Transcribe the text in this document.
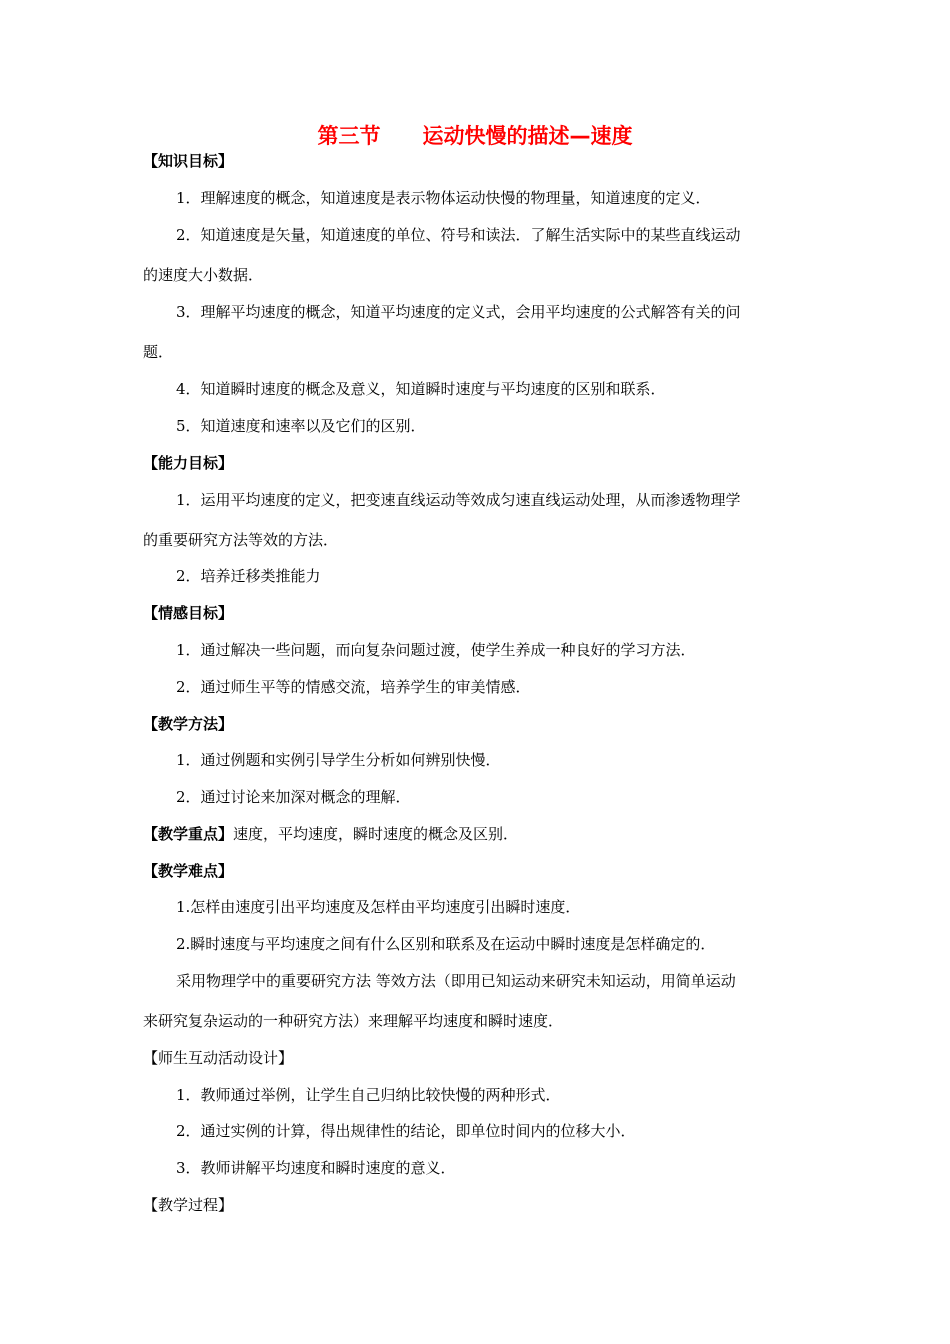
第三节　　运动快慢的描述—速度
【知识目标】
1．理解速度的概念，知道速度是表示物体运动快慢的物理量，知道速度的定义．
2．知道速度是矢量，知道速度的单位、符号和读法．了解生活实际中的某些直线运动
的速度大小数据．
3．理解平均速度的概念，知道平均速度的定义式，会用平均速度的公式解答有关的问
题．
4．知道瞬时速度的概念及意义，知道瞬时速度与平均速度的区别和联系．
5．知道速度和速率以及它们的区别．
【能力目标】
1．运用平均速度的定义，把变速直线运动等效成匀速直线运动处理，从而渗透物理学
的重要研究方法等效的方法．
2．培养迁移类推能力
【情感目标】
1．通过解决一些问题，而向复杂问题过渡，使学生养成一种良好的学习方法．
2．通过师生平等的情感交流，培养学生的审美情感．
【教学方法】
1．通过例题和实例引导学生分析如何辨别快慢．
2．通过讨论来加深对概念的理解．
【教学重点】速度，平均速度，瞬时速度的概念及区别．
【教学难点】
1.怎样由速度引出平均速度及怎样由平均速度引出瞬时速度．
2.瞬时速度与平均速度之间有什么区别和联系及在运动中瞬时速度是怎样确定的．
采用物理学中的重要研究方法 等效方法（即用已知运动来研究未知运动，用简单运动
来研究复杂运动的一种研究方法）来理解平均速度和瞬时速度．
【师生互动活动设计】
1．教师通过举例，让学生自己归纳比较快慢的两种形式．
2．通过实例的计算，得出规律性的结论，即单位时间内的位移大小．
3．教师讲解平均速度和瞬时速度的意义．
【教学过程】
